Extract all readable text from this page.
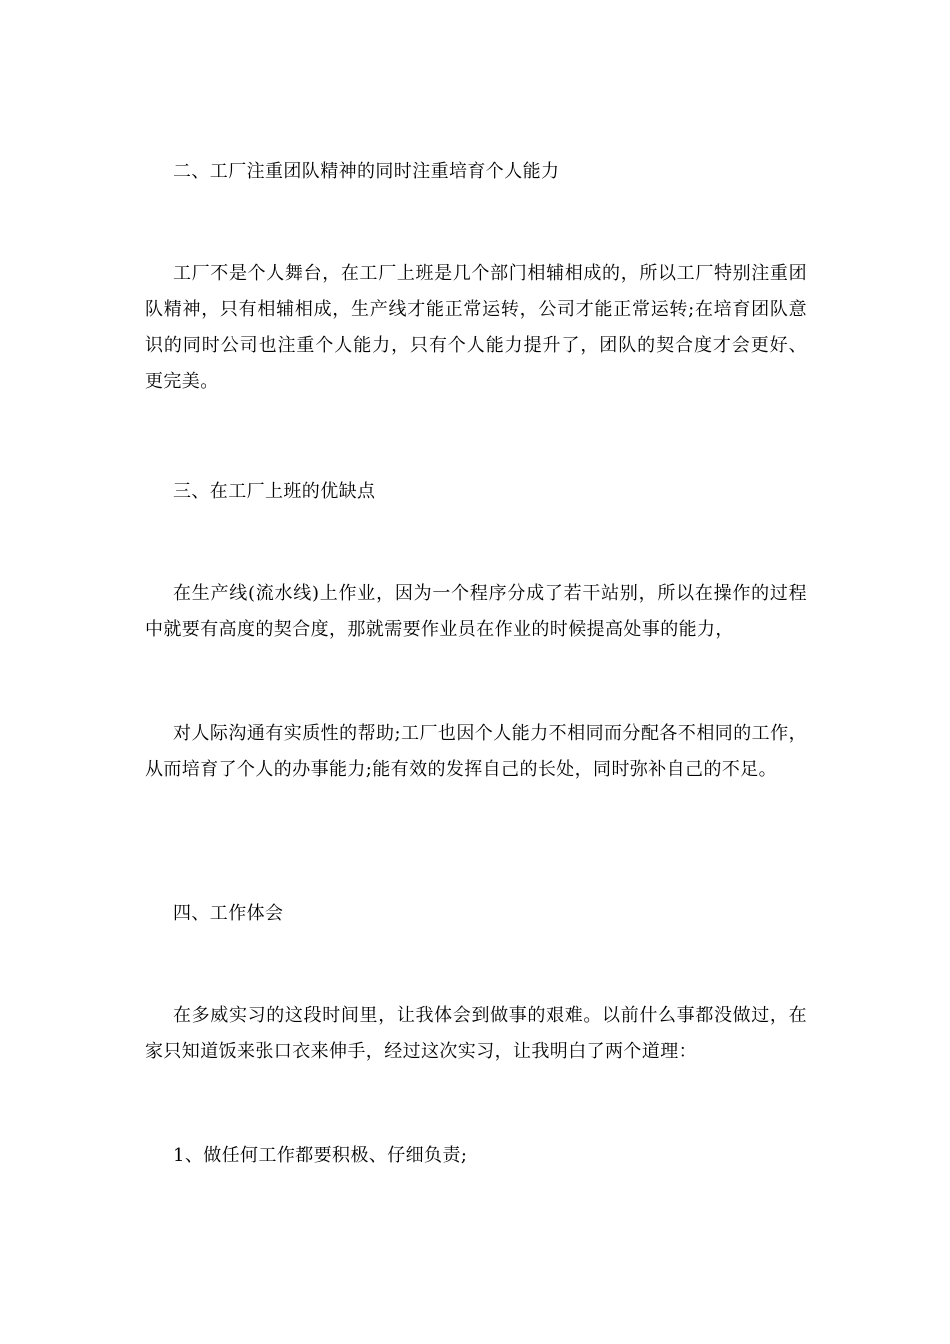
二、工厂注重团队精神的同时注重培育个人能力

工厂不是个人舞台，在工厂上班是几个部门相辅相成的，所以工厂特别注重团队精神，只有相辅相成，生产线才能正常运转，公司才能正常运转;在培育团队意识的同时公司也注重个人能力，只有个人能力提升了，团队的契合度才会更好、更完美。

三、在工厂上班的优缺点

在生产线(流水线)上作业，因为一个程序分成了若干站别，所以在操作的过程中就要有高度的契合度，那就需要作业员在作业的时候提高处事的能力，

对人际沟通有实质性的帮助;工厂也因个人能力不相同而分配各不相同的工作，从而培育了个人的办事能力;能有效的发挥自己的长处，同时弥补自己的不足。

四、工作体会

在多威实习的这段时间里，让我体会到做事的艰难。以前什么事都没做过，在家只知道饭来张口衣来伸手，经过这次实习，让我明白了两个道理：

1、做任何工作都要积极、仔细负责;
